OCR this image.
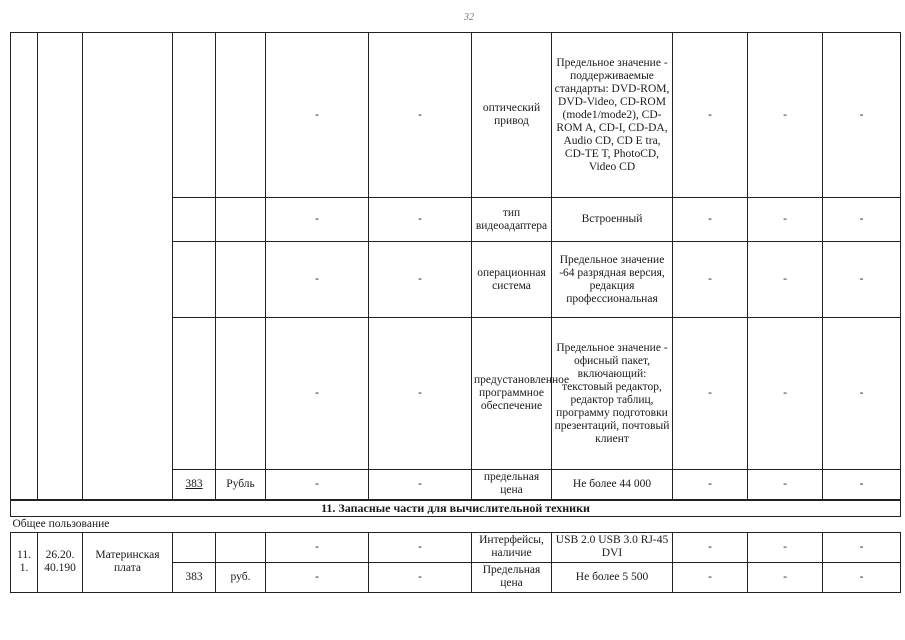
32
					-	-	оптический привод	Предельное значение - поддерживаемые стандарты: DVD-ROM, DVD-Video, CD-ROM (mode1/mode2), CD-ROM A, CD-I, CD-DA, Audio CD, CD E tra, CD-TE T, PhotoCD, Video CD	-	-	-
					-	-	тип видеоадаптера	Встроенный	-	-	-
					-	-	операционная система	Предельное значение -64 разрядная версия, редакция профессиональная	-	-	-
					-	-	предустановленное программное обеспечение	Предельное значение - офисный пакет, включающий: текстовый редактор, редактор таблиц, программу подготовки презентаций, почтовый клиент	-	-	-
			383	Рубль	-	-	предельная цена	Не более 44 000	-	-	-
11. Запасные части для вычислительной техники											
Общее пользование											
11. 1.	26.20. 40.190	Материнская плата			-	-	Интерфейсы, наличие	USB 2.0 USB 3.0 RJ-45 DVI	-	-	-
			383	руб.	-	-	Предельная цена	Не более 5 500	-	-	-
